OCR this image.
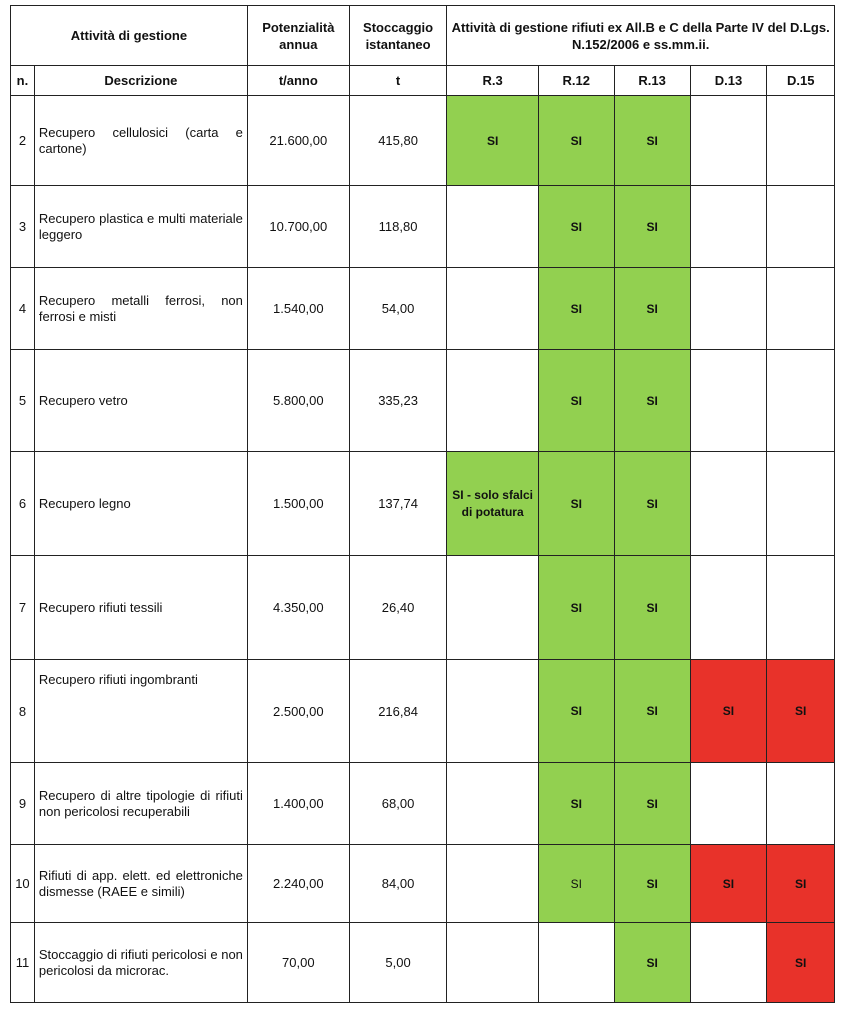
Attività di gestione		Potenzialità annua	Stoccaggio istantaneo	Attività di gestione rifiuti ex All.B e C della Parte IV del D.Lgs. N.152/2006 e ss.mm.ii.				
n.	Descrizione	t/anno	t	R.3	R.12	R.13	D.13	D.15
2	Recupero cellulosici (carta e cartone)	21.600,00	415,80	SI	SI	SI		
3	Recupero plastica e multi materiale leggero	10.700,00	118,80		SI	SI		
4	Recupero metalli ferrosi, non ferrosi e misti	1.540,00	54,00		SI	SI		
5	Recupero vetro	5.800,00	335,23		SI	SI		
6	Recupero legno	1.500,00	137,74	SI - solo sfalci di potatura	SI	SI		
7	Recupero rifiuti tessili	4.350,00	26,40		SI	SI		
8	Recupero rifiuti ingombranti	2.500,00	216,84		SI	SI	SI	SI
9	Recupero di altre tipologie di rifiuti non pericolosi recuperabili	1.400,00	68,00		SI	SI		
10	Rifiuti di app. elett. ed elettroniche dismesse (RAEE e simili)	2.240,00	84,00		SI	SI	SI	SI
11	Stoccaggio di rifiuti pericolosi e non pericolosi da microrac.	70,00	5,00			SI		SI
